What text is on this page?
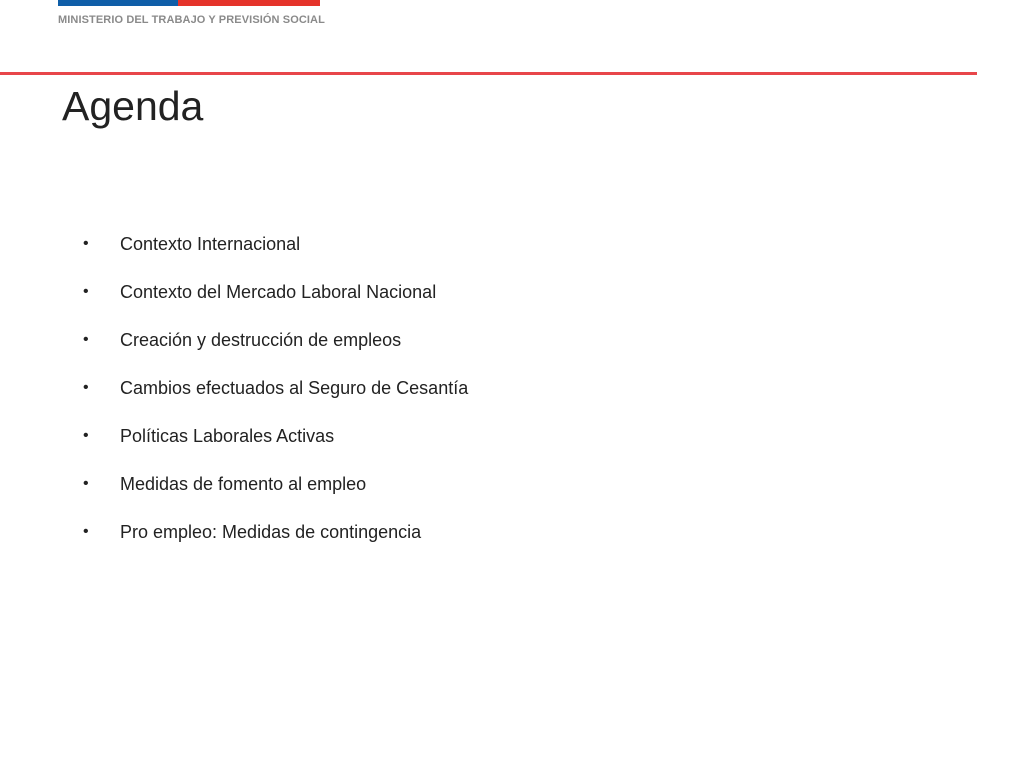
MINISTERIO DEL TRABAJO Y PREVISIÓN SOCIAL
Agenda
•	Contexto Internacional
•	Contexto del Mercado Laboral Nacional
•	Creación y destrucción de empleos
•	Cambios efectuados al Seguro de Cesantía
•	Políticas Laborales Activas
•	Medidas de fomento al empleo
•	Pro empleo: Medidas de contingencia
